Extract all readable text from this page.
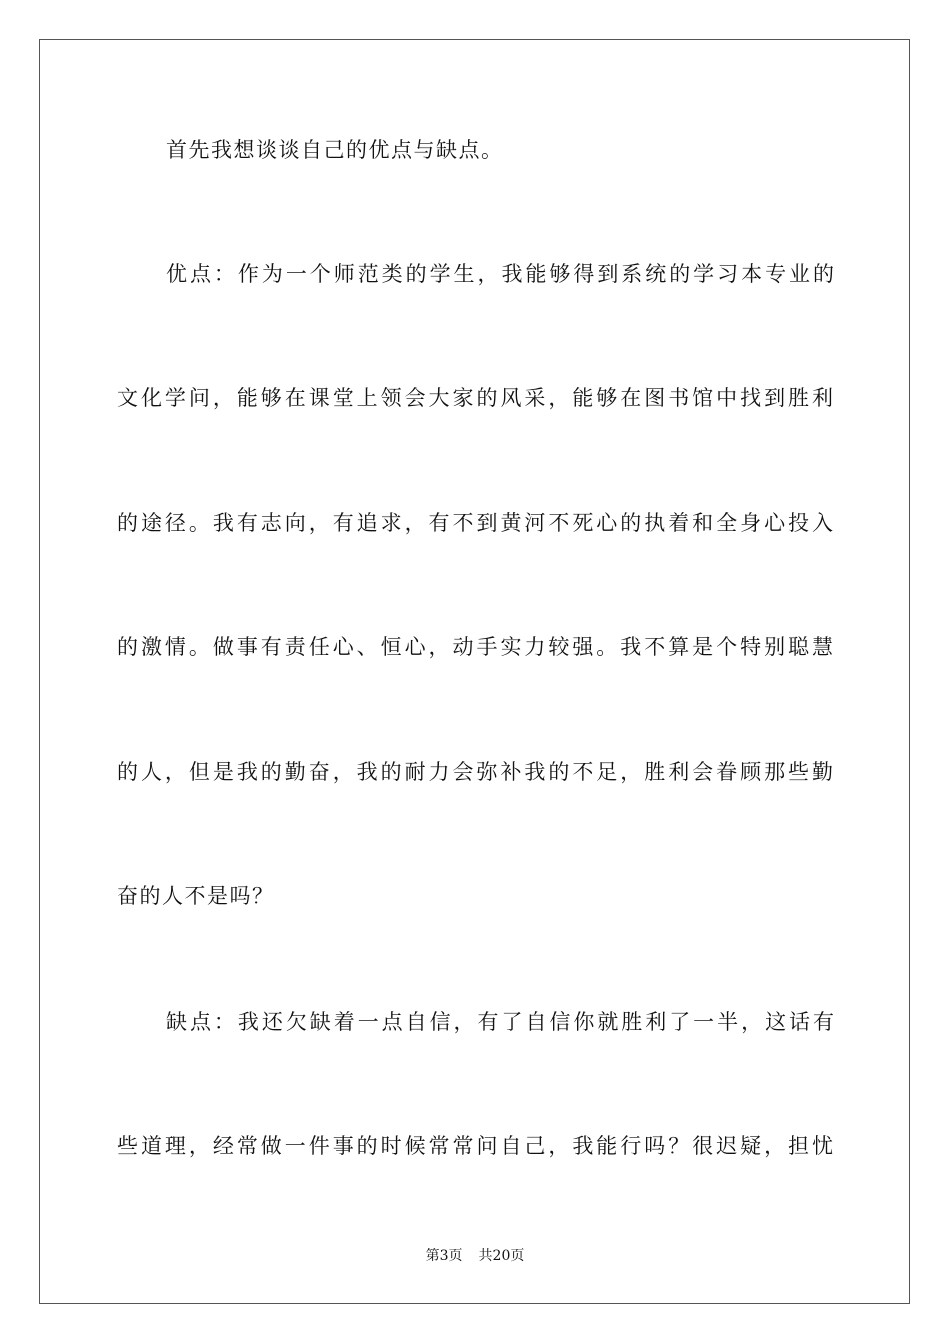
首先我想谈谈自己的优点与缺点。
优点：作为一个师范类的学生，我能够得到系统的学习本专业的
文化学问，能够在课堂上领会大家的风采，能够在图书馆中找到胜利
的途径。我有志向，有追求，有不到黄河不死心的执着和全身心投入
的激情。做事有责任心、恒心，动手实力较强。我不算是个特别聪慧
的人，但是我的勤奋，我的耐力会弥补我的不足，胜利会眷顾那些勤
奋的人不是吗？
缺点：我还欠缺着一点自信，有了自信你就胜利了一半，这话有
些道理，经常做一件事的时候常常问自己，我能行吗？很迟疑，担忧
第3页 共20页
